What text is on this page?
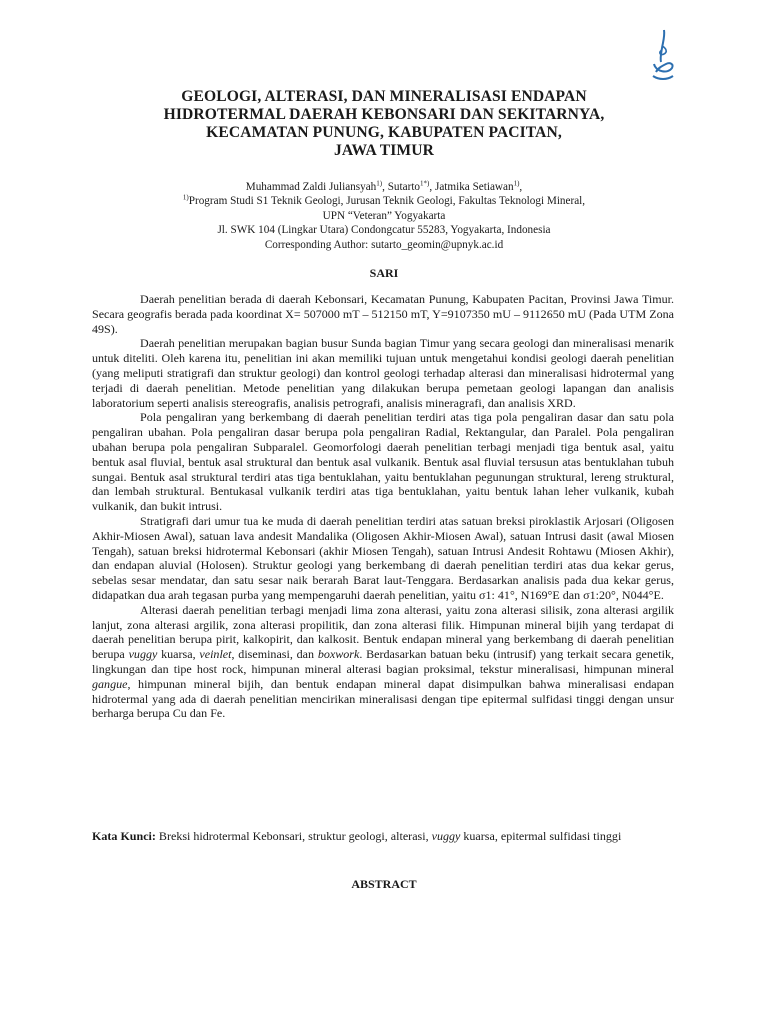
GEOLOGI, ALTERASI, DAN MINERALISASI ENDAPAN
HIDROTERMAL DAERAH KEBONSARI DAN SEKITARNYA,
KECAMATAN PUNUNG, KABUPATEN PACITAN,
JAWA TIMUR
Muhammad Zaldi Juliansyah$^{1)}$, Sutarto$^{1*)}$, Jatmika Setiawan$^{1)}$,
$^{1)}$Program Studi S1 Teknik Geologi, Jurusan Teknik Geologi, Fakultas Teknologi Mineral,
UPN “Veteran” Yogyakarta
Jl. SWK 104 (Lingkar Utara) Condongcatur 55283, Yogyakarta, Indonesia
Corresponding Author: sutarto_geomin@upnyk.ac.id
SARI

Daerah penelitian berada di daerah Kebonsari, Kecamatan Punung, Kabupaten Pacitan, Provinsi Jawa Timur. Secara geografis berada pada koordinat X= 507000 mT – 512150 mT, Y=9107350 mU – 9112650 mU (Pada UTM Zona 49S).

Daerah penelitian merupakan bagian busur Sunda bagian Timur yang secara geologi dan mineralisasi menarik untuk diteliti. Oleh karena itu, penelitian ini akan memiliki tujuan untuk mengetahui kondisi geologi daerah penelitian (yang meliputi stratigrafi dan struktur geologi) dan kontrol geologi terhadap alterasi dan mineralisasi hidrotermal yang terjadi di daerah penelitian. Metode penelitian yang dilakukan berupa pemetaan geologi lapangan dan analisis laboratorium seperti analisis stereografis, analisis petrografi, analisis mineragrafi, dan analisis XRD.

Pola pengaliran yang berkembang di daerah penelitian terdiri atas tiga pola pengaliran dasar dan satu pola pengaliran ubahan. Pola pengaliran dasar berupa pola pengaliran Radial, Rektangular, dan Paralel. Pola pengaliran ubahan berupa pola pengaliran Subparalel. Geomorfologi daerah penelitian terbagi menjadi tiga bentuk asal, yaitu bentuk asal fluvial, bentuk asal struktural dan bentuk asal vulkanik. Bentuk asal fluvial tersusun atas bentuklahan tubuh sungai. Bentuk asal struktural terdiri atas tiga bentuklahan, yaitu bentuklahan pegunungan struktural, lereng struktural, dan lembah struktural. Bentukasal vulkanik terdiri atas tiga bentuklahan, yaitu bentuk lahan leher vulkanik, kubah vulkanik, dan bukit intrusi.

Stratigrafi dari umur tua ke muda di daerah penelitian terdiri atas satuan breksi piroklastik Arjosari (Oligosen Akhir-Miosen Awal), satuan lava andesit Mandalika (Oligosen Akhir-Miosen Awal), satuan Intrusi dasit (awal Miosen Tengah), satuan breksi hidrotermal Kebonsari (akhir Miosen Tengah), satuan Intrusi Andesit Rohtawu (Miosen Akhir), dan endapan aluvial (Holosen). Struktur geologi yang berkembang di daerah penelitian terdiri atas dua kekar gerus, sebelas sesar mendatar, dan satu sesar naik berarah Barat laut-Tenggara. Berdasarkan analisis pada dua kekar gerus, didapatkan dua arah tegasan purba yang mempengaruhi daerah penelitian, yaitu σ1: 41°, N169°E dan σ1:20°, N044°E.

Alterasi daerah penelitian terbagi menjadi lima zona alterasi, yaitu zona alterasi silisik, zona alterasi argilik lanjut, zona alterasi argilik, zona alterasi propilitik, dan zona alterasi filik. Himpunan mineral bijih yang terdapat di daerah penelitian berupa pirit, kalkopirit, dan kalkosit. Bentuk endapan mineral yang berkembang di daerah penelitian berupa vuggy kuarsa, veinlet, diseminasi, dan boxwork. Berdasarkan batuan beku (intrusif) yang terkait secara genetik, lingkungan dan tipe host rock, himpunan mineral alterasi bagian proksimal, tekstur mineralisasi, himpunan mineral gangue, himpunan mineral bijih, dan bentuk endapan mineral dapat disimpulkan bahwa mineralisasi endapan hidrotermal yang ada di daerah penelitian mencirikan mineralisasi dengan tipe epitermal sulfidasi tinggi dengan unsur berharga berupa Cu dan Fe.

Kata Kunci: Breksi hidrotermal Kebonsari, struktur geologi, alterasi, vuggy kuarsa, epitermal sulfidasi tinggi
ABSTRACT
